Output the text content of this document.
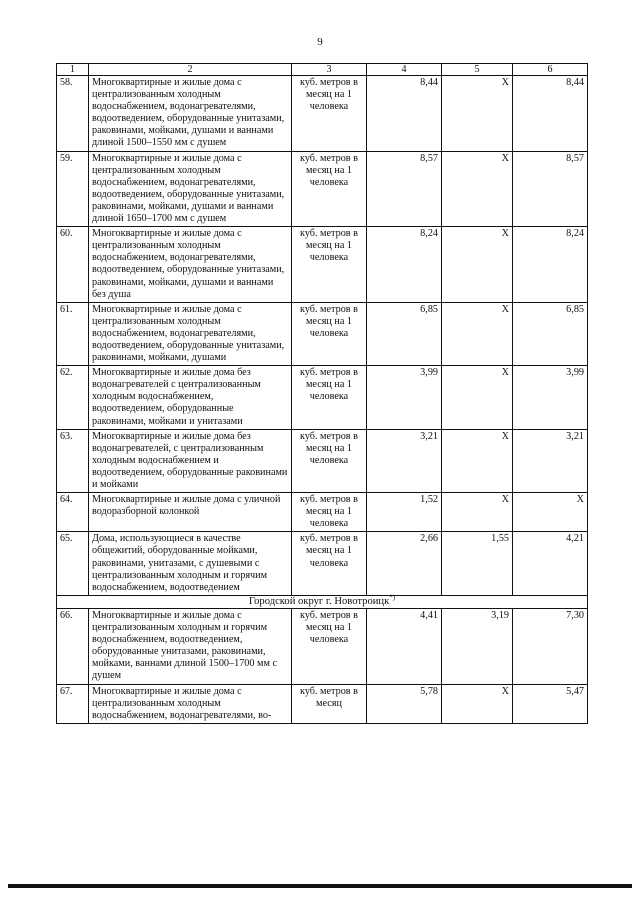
9
1	2	3	4	5	6
58.	Многоквартирные и жилые дома с централизованным холодным водоснабжением, водонагревателями, водоотведением, оборудованные унитазами, раковинами, мойками, душами и ваннами длиной 1500–1550 мм с душем	куб. метров в месяц на 1 человека	8,44	Х	8,44
59.	Многоквартирные и жилые дома с централизованным холодным водоснабжением, водонагревателями, водоотведением, оборудованные унитазами, раковинами, мойками, душами и ваннами длиной 1650–1700 мм с душем	куб. метров в месяц на 1 человека	8,57	Х	8,57
60.	Многоквартирные и жилые дома с централизованным холодным водоснабжением, водонагревателями, водоотведением, оборудованные унитазами, раковинами, мойками, душами и ваннами без душа	куб. метров в месяц на 1 человека	8,24	Х	8,24
61.	Многоквартирные и жилые дома с централизованным холодным водоснабжением, водонагревателями, водоотведением, оборудованные унитазами, раковинами, мойками, душами	куб. метров в месяц на 1 человека	6,85	Х	6,85
62.	Многоквартирные и жилые дома без водонагревателей с централизованным холодным водоснабжением, водоотведением, оборудованные раковинами, мойками и унитазами	куб. метров в месяц на 1 человека	3,99	Х	3,99
63.	Многоквартирные и жилые дома без водонагревателей, с централизованным холодным водоснабжением и водоотведением, оборудованные раковинами и мойками	куб. метров в месяц на 1 человека	3,21	Х	3,21
64.	Многоквартирные и жилые дома с уличной водоразборной колонкой	куб. метров в месяц на 1 человека	1,52	Х	Х
65.	Дома, использующиеся в качестве общежитий, оборудованные мойками, раковинами, унитазами, с душевыми с централизованным холодным и горячим водоснабжением, водоотведением	куб. метров в месяц на 1 человека	2,66	1,55	4,21
Городской округ г. Новотроицк*)
66.	Многоквартирные и жилые дома с централизованным холодным и горячим водоснабжением, водоотведением, оборудованные унитазами, раковинами, мойками, ваннами длиной 1500–1700 мм с душем	куб. метров в месяц на 1 человека	4,41	3,19	7,30
67.	Многоквартирные и жилые дома с централизованным холодным водоснабжением, водонагревателями, во-	куб. метров в месяц	5,78	Х	5,47
